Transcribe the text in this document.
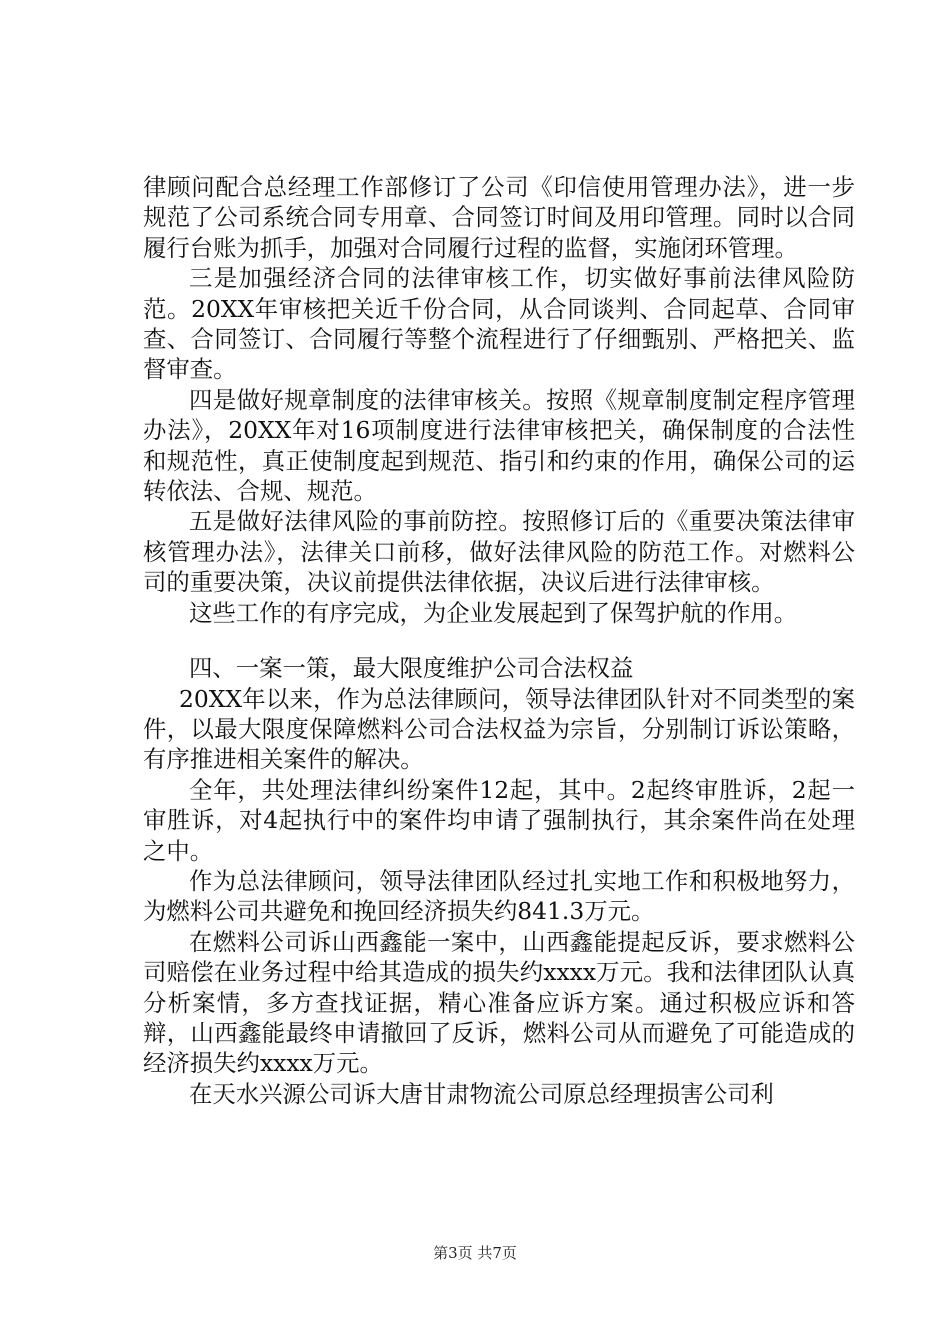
律顾问配合总经理工作部修订了公司《印信使用管理办法》，进一步规范了公司系统合同专用章、合同签订时间及用印管理。同时以合同履行台账为抓手，加强对合同履行过程的监督，实施闭环管理。

三是加强经济合同的法律审核工作，切实做好事前法律风险防范。20XX年审核把关近千份合同，从合同谈判、合同起草、合同审查、合同签订、合同履行等整个流程进行了仔细甄别、严格把关、监督审查。

四是做好规章制度的法律审核关。按照《规章制度制定程序管理办法》，20XX年对16项制度进行法律审核把关，确保制度的合法性和规范性，真正使制度起到规范、指引和约束的作用，确保公司的运转依法、合规、规范。

五是做好法律风险的事前防控。按照修订后的《重要决策法律审核管理办法》，法律关口前移，做好法律风险的防范工作。对燃料公司的重要决策，决议前提供法律依据，决议后进行法律审核。

这些工作的有序完成，为企业发展起到了保驾护航的作用。

四、一案一策，最大限度维护公司合法权益

20XX年以来，作为总法律顾问，领导法律团队针对不同类型的案件，以最大限度保障燃料公司合法权益为宗旨，分别制订诉讼策略，有序推进相关案件的解决。

全年，共处理法律纠纷案件12起，其中。2起终审胜诉，2起一审胜诉，对4起执行中的案件均申请了强制执行，其余案件尚在处理之中。

作为总法律顾问，领导法律团队经过扎实地工作和积极地努力，为燃料公司共避免和挽回经济损失约841.3万元。

在燃料公司诉山西鑫能一案中，山西鑫能提起反诉，要求燃料公司赔偿在业务过程中给其造成的损失约xxxx万元。我和法律团队认真分析案情，多方查找证据，精心准备应诉方案。通过积极应诉和答辩，山西鑫能最终申请撤回了反诉，燃料公司从而避免了可能造成的经济损失约xxxx万元。

在天水兴源公司诉大唐甘肃物流公司原总经理损害公司利

第3页 共7页
